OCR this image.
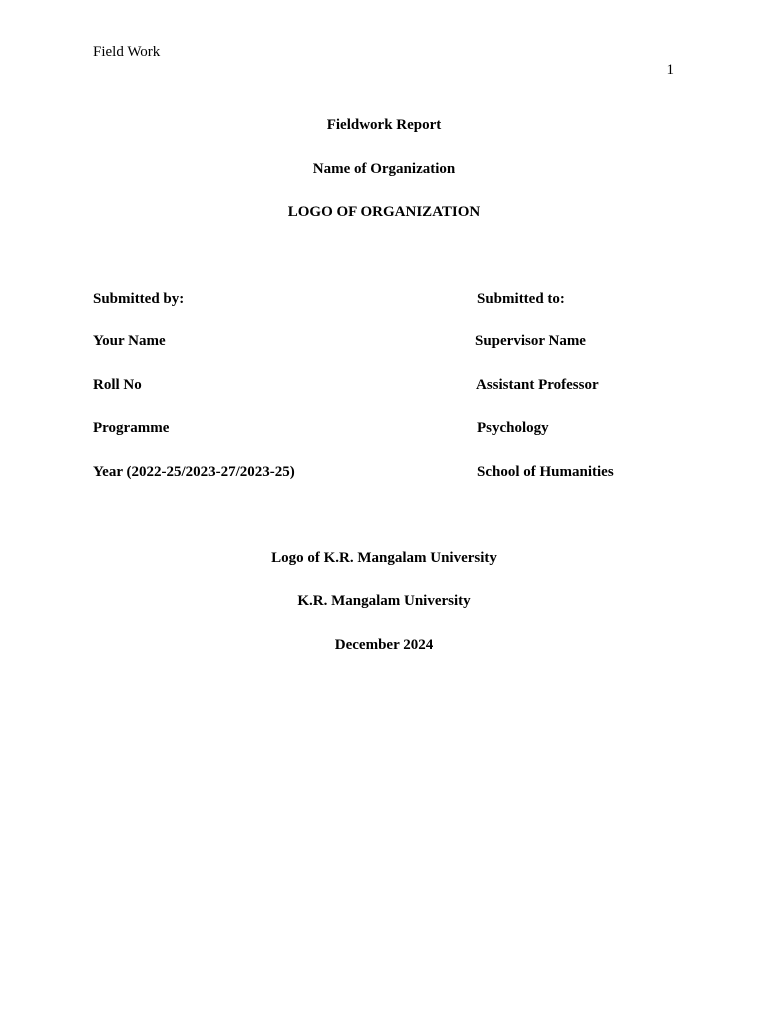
Field Work
1
Fieldwork Report
Name of Organization
LOGO OF ORGANIZATION
Submitted by:	Submitted to:
Your Name	Supervisor Name
Roll No	Assistant Professor
Programme	Psychology
Year (2022-25/2023-27/2023-25)	School of Humanities
Logo of K.R. Mangalam University
K.R. Mangalam University
December 2024
